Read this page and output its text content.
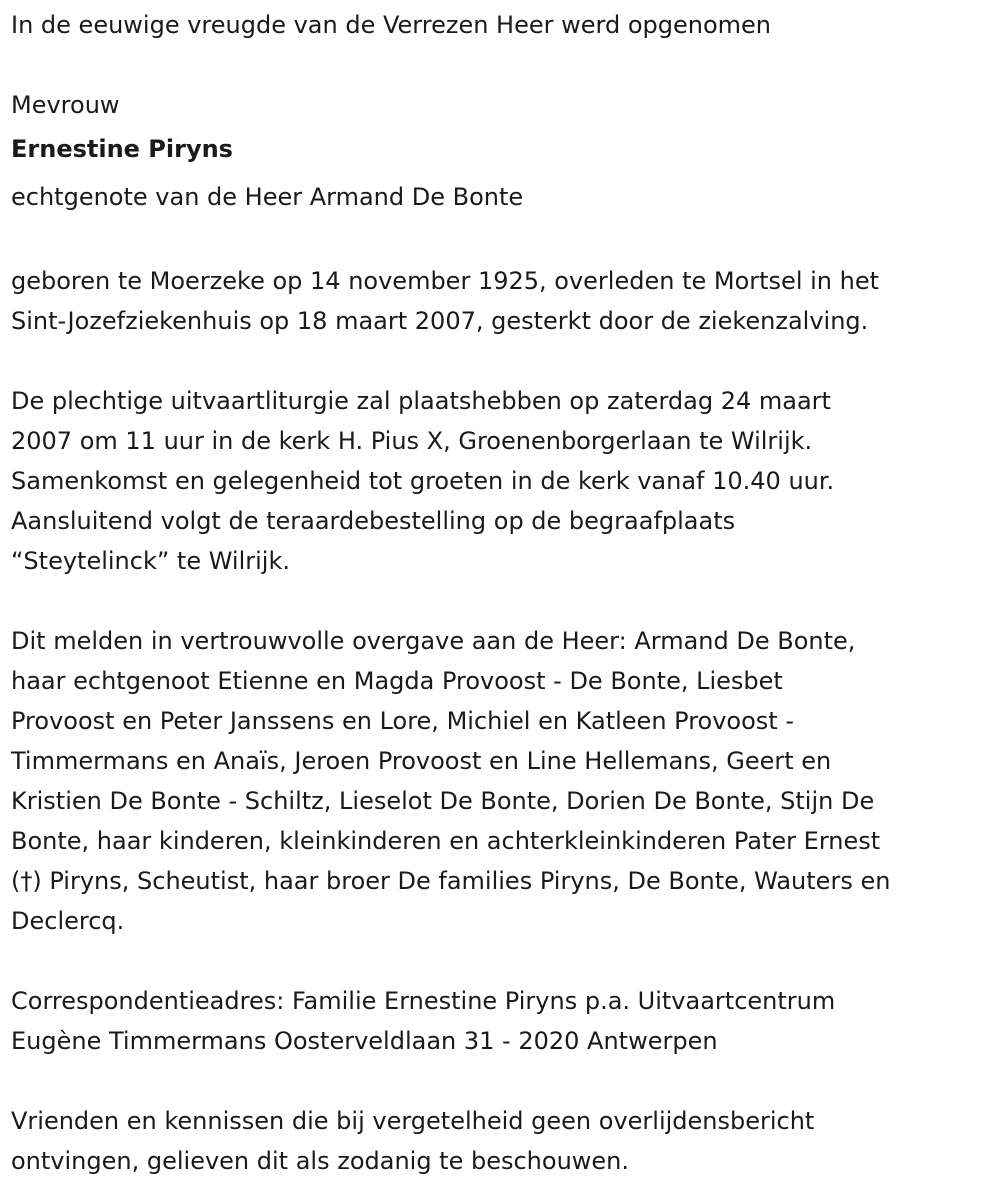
In de eeuwige vreugde van de Verrezen Heer werd opgenomen

Mevrouw

Ernestine Piryns

echtgenote van de Heer Armand De Bonte

geboren te Moerzeke op 14 november 1925, overleden te Mortsel in het
Sint-Jozefziekenhuis op 18 maart 2007, gesterkt door de ziekenzalving.
De plechtige uitvaartliturgie zal plaatshebben op zaterdag 24 maart
2007 om 11 uur in de kerk H. Pius X, Groenenborgerlaan te Wilrijk.
Samenkomst en gelegenheid tot groeten in de kerk vanaf 10.40 uur.
Aansluitend volgt de teraardebestelling op de begraafplaats
“Steytelinck” te Wilrijk.
Dit melden in vertrouwvolle overgave aan de Heer: Armand De Bonte,
haar echtgenoot Etienne en Magda Provoost - De Bonte, Liesbet
Provoost en Peter Janssens en Lore, Michiel en Katleen Provoost -
Timmermans en Anaïs, Jeroen Provoost en Line Hellemans, Geert en
Kristien De Bonte - Schiltz, Lieselot De Bonte, Dorien De Bonte, Stijn De
Bonte, haar kinderen, kleinkinderen en achterkleinkinderen Pater Ernest
(†) Piryns, Scheutist, haar broer De families Piryns, De Bonte, Wauters en
Declercq.
Correspondentieadres: Familie Ernestine Piryns p.a. Uitvaartcentrum
Eugène Timmermans Oosterveldlaan 31 - 2020 Antwerpen
Vrienden en kennissen die bij vergetelheid geen overlijdensbericht
ontvingen, gelieven dit als zodanig te beschouwen.
